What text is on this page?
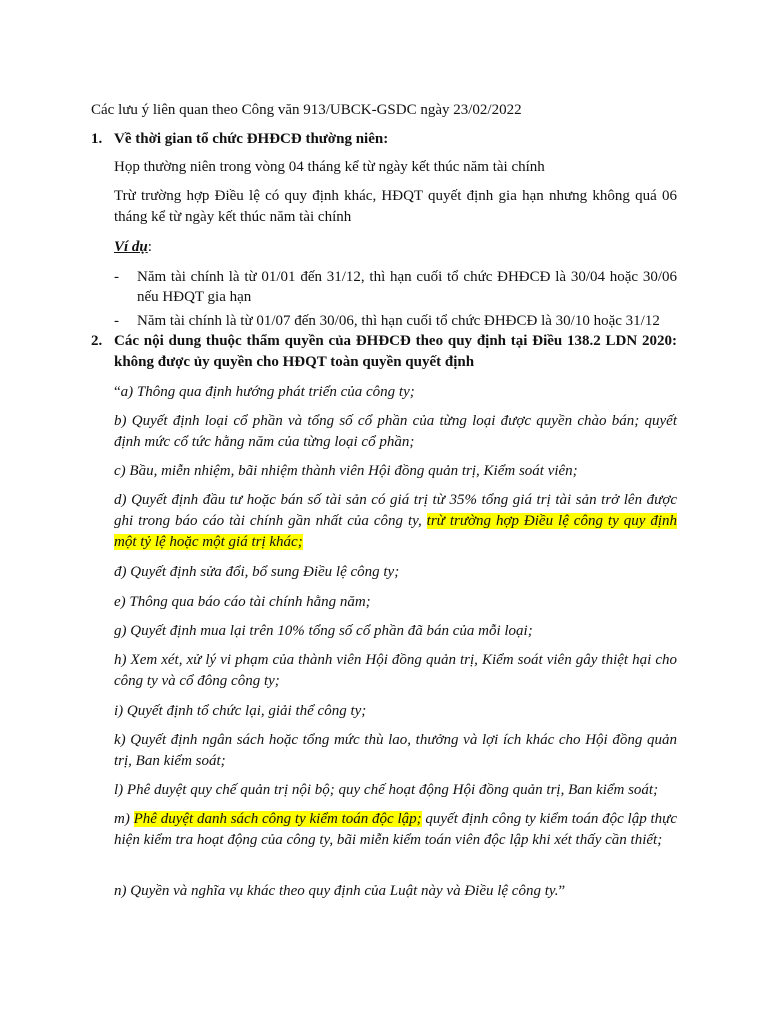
Các lưu ý liên quan theo Công văn 913/UBCK-GSDC ngày 23/02/2022
1. Về thời gian tổ chức ĐHĐCĐ thường niên:
Họp thường niên trong vòng 04 tháng kể từ ngày kết thúc năm tài chính
Trừ trường hợp Điều lệ có quy định khác, HĐQT quyết định gia hạn nhưng không quá 06 tháng kể từ ngày kết thúc năm tài chính
Ví dụ:
- Năm tài chính là từ 01/01 đến 31/12, thì hạn cuối tổ chức ĐHĐCĐ là 30/04 hoặc 30/06 nếu HĐQT gia hạn
- Năm tài chính là từ 01/07 đến 30/06, thì hạn cuối tổ chức ĐHĐCĐ là 30/10 hoặc 31/12
2. Các nội dung thuộc thẩm quyền của ĐHĐCĐ theo quy định tại Điều 138.2 LDN 2020: không được ủy quyền cho HĐQT toàn quyền quyết định
“a) Thông qua định hướng phát triển của công ty;
b) Quyết định loại cổ phần và tổng số cổ phần của từng loại được quyền chào bán; quyết định mức cổ tức hằng năm của từng loại cổ phần;
c) Bầu, miễn nhiệm, bãi nhiệm thành viên Hội đồng quản trị, Kiểm soát viên;
d) Quyết định đầu tư hoặc bán số tài sản có giá trị từ 35% tổng giá trị tài sản trở lên được ghi trong báo cáo tài chính gần nhất của công ty, trừ trường hợp Điều lệ công ty quy định một tỷ lệ hoặc một giá trị khác;
đ) Quyết định sửa đổi, bổ sung Điều lệ công ty;
e) Thông qua báo cáo tài chính hằng năm;
g) Quyết định mua lại trên 10% tổng số cổ phần đã bán của mỗi loại;
h) Xem xét, xử lý vi phạm của thành viên Hội đồng quản trị, Kiểm soát viên gây thiệt hại cho công ty và cổ đông công ty;
i) Quyết định tổ chức lại, giải thể công ty;
k) Quyết định ngân sách hoặc tổng mức thù lao, thưởng và lợi ích khác cho Hội đồng quản trị, Ban kiểm soát;
l) Phê duyệt quy chế quản trị nội bộ; quy chế hoạt động Hội đồng quản trị, Ban kiểm soát;
m) Phê duyệt danh sách công ty kiểm toán độc lập; quyết định công ty kiểm toán độc lập thực hiện kiểm tra hoạt động của công ty, bãi miễn kiểm toán viên độc lập khi xét thấy cần thiết;
n) Quyền và nghĩa vụ khác theo quy định của Luật này và Điều lệ công ty.”
